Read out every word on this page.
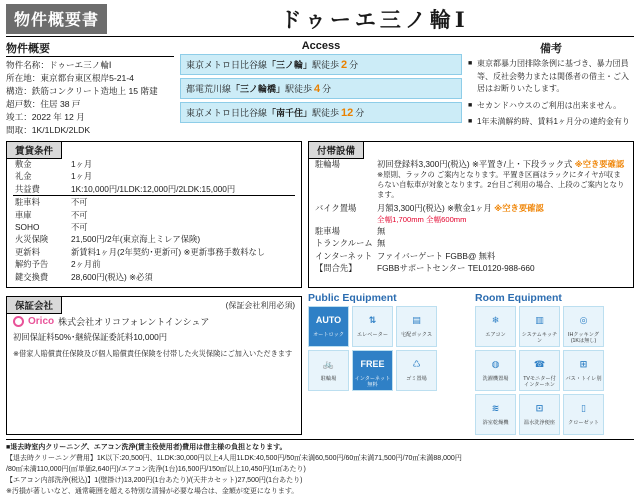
物件概要書	ドゥーエ三ノ輪Ⅰ
物件概要
物件名称：ドゥーエ三ノ輪Ⅰ
所在地：東京都台東区根岸5-21-4
構造：鉄筋コンクリート造地上 15 階建
超戸数：住居 38 戸
竣工：2022 年 12 月
間取：1K/1LDK/2LDK
Access
東京メトロ日比谷線 「三ノ輪」 駅徒歩 2 分
都電荒川線 「三ノ輪橋」 駅徒歩 4 分
東京メトロ日比谷線 「南千住」 駅徒歩 12 分
備考
■ 東京都暴力団排除条例に基づき、暴力団員等、反社会勢力または関係者の借主・ご入居はお断りいたします。
■ セカンドハウスのご利用は出来ません。
■ 1年未満解約時、賃料1ヶ月分の違約金有り
賃貸条件
敷金	1ヶ月
礼金	1ヶ月
共益費	1K:10,000円/1LDK:12,000円/2LDK:15,000円
駐車料	不可
車庫	不可
SOHO	不可
火災保険	21,500円/2年(東京海上ミレア保険)
更新料	新賃料1ヶ月(2年契約･更新可) ※更新事務手数料なし
解約予告	2ヶ月前
鍵交換費	28,600円(税込) ※必須
付帯設備
駐輪場	初回登録料3,300円(税込) ※平置き/上・下段ラック式 ※空き要確認
※原則、ラックの ご案内となります。平置き区画はラックにタイヤが収まらない自転車が対象となります。2台目ご利用の場合、上段のご案内となります。
バイク置場	月額3,300円(税込) ※敷金1ヶ月 ※空き要確認
全幅1,700mm 全幅600mm
駐車場	無
トランクルーム 無
インターネット ファイバーゲート FGBB@ 無料
【問合先】	FGBBサポートセンター TEL0120-988-660
保証会社	(保証会社利用必須)
Orico 株式会社オリコフォレントインシュア
初回保証料50%･継続保証委託料10,000円
※借家人賠償責任保険及び個人賠償責任保険を付帯した火災保険にご加入いただきます
Public Equipment
AUTO
オートロック
⇅
エレベーター
▤
宅配ボックス
🚲
駐輪場
FREE
インターネット無料
♺
ゴミ置場
Room Equipment
❄
エアコン
▥
システムキッチン
◎
IHクッキング (1Kは無し)
◍
洗濯機置場
☎
TVモニター付 インターホン
⊞
バス・トイレ別
≋
浴室乾燥機
⊡
温水洗浄便座
▯
クローゼット

■退去時室内クリーニング、エアコン洗浄(賃主役使用者)費用は借主様の負担となります。

【退去時クリーニング費用】1K以下:20,500円、1LDK:30,000円以上4人用1LDK:40,500円/50㎡未満60,500円/60㎡未満71,500円/70㎡未満88,000円

/80㎡未満110,000円(㎡単価2,640円)/エアコン洗浄(1台)16,500円/150㎡以上10,450円(1㎡あたり)

【エアコン内部洗浄(税込)】1(壁掛け)13,200円(1台あたり)/(天井カセット)27,500円(1台あたり)

※汚損が著しいなど、通常範囲を超える特別な清掃が必要な場合は、金額が変更になります。
